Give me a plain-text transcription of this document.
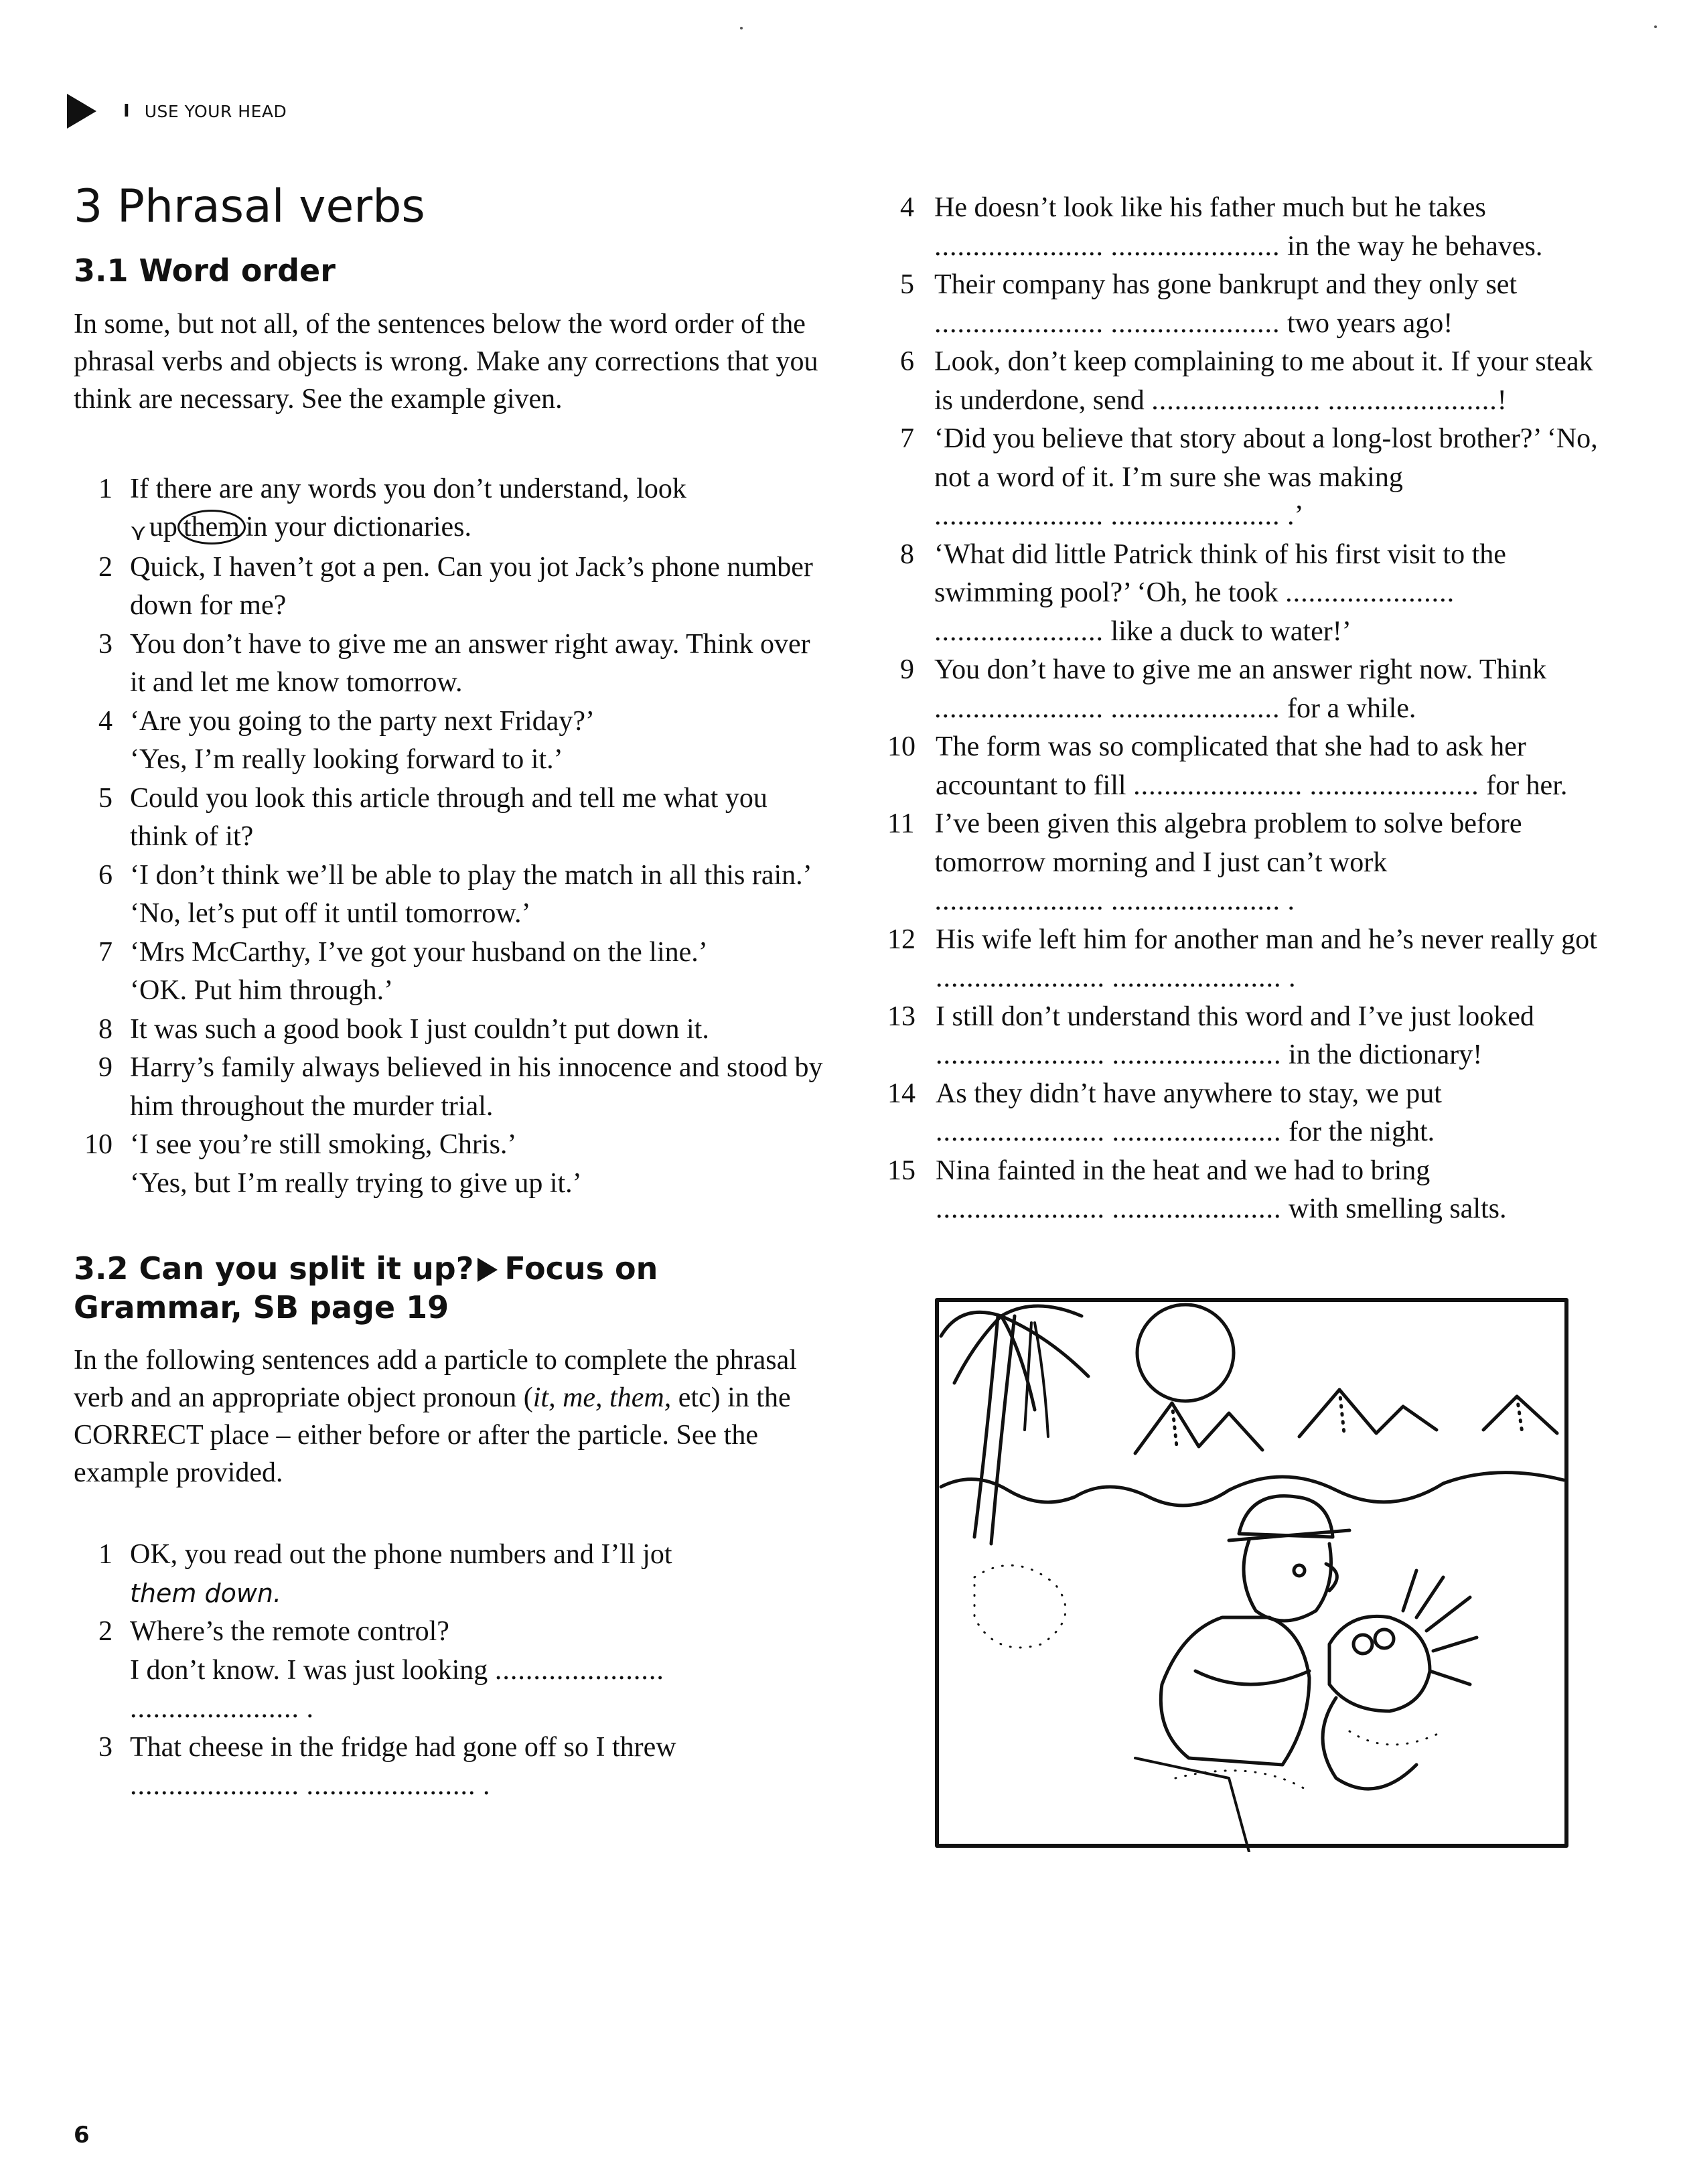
I USE YOUR HEAD
3 Phrasal verbs
3.1 Word order

In some, but not all, of the sentences below the word order of the phrasal verbs and objects is wrong. Make any corrections that you think are necessary. See the example given.

1 If there are any words you don’t understand, look
⋎up them in your dictionaries.
2 Quick, I haven’t got a pen. Can you jot Jack’s phone number down for me?
3 You don’t have to give me an answer right away. Think over it and let me know tomorrow.
4 ‘Are you going to the party next Friday?’
‘Yes, I’m really looking forward to it.’
5 Could you look this article through and tell me what you think of it?
6 ‘I don’t think we’ll be able to play the match in all this rain.’
‘No, let’s put off it until tomorrow.’
7 ‘Mrs McCarthy, I’ve got your husband on the line.’
‘OK. Put him through.’
8 It was such a good book I just couldn’t put down it.
9 Harry’s family always believed in his innocence and stood by him throughout the murder trial.
10 ‘I see you’re still smoking, Chris.’
‘Yes, but I’m really trying to give up it.’
3.2 Can you split it up? Focus on Grammar, SB page 19

In the following sentences add a particle to complete the phrasal verb and an appropriate object pronoun (it, me, them, etc) in the CORRECT place – either before or after the particle. See the example provided.

1 OK, you read out the phone numbers and I’ll jot
them down.
2 Where’s the remote control?
I don’t know. I was just looking ......................
...................... .
3 That cheese in the fridge had gone off so I threw
...................... ...................... .
4 He doesn’t look like his father much but he takes
...................... ...................... in the way he behaves.
5 Their company has gone bankrupt and they only set
...................... ...................... two years ago!
6 Look, don’t keep complaining to me about it. If your steak is underdone, send ...................... ......................!
7 ‘Did you believe that story about a long-lost brother?’ ‘No, not a word of it. I’m sure she was making
...................... ...................... .’
8 ‘What did little Patrick think of his first visit to the swimming pool?’ ‘Oh, he took ...................... ...................... like a duck to water!’
9 You don’t have to give me an answer right now. Think ...................... ...................... for a while.
10 The form was so complicated that she had to ask her accountant to fill ...................... ...................... for her.
11 I’ve been given this algebra problem to solve before tomorrow morning and I just can’t work
...................... ...................... .
12 His wife left him for another man and he’s never really got ...................... ...................... .
13 I still don’t understand this word and I’ve just looked ...................... ...................... in the dictionary!
14 As they didn’t have anywhere to stay, we put
...................... ...................... for the night.
15 Nina fainted in the heat and we had to bring
...................... ...................... with smelling salts.
6
